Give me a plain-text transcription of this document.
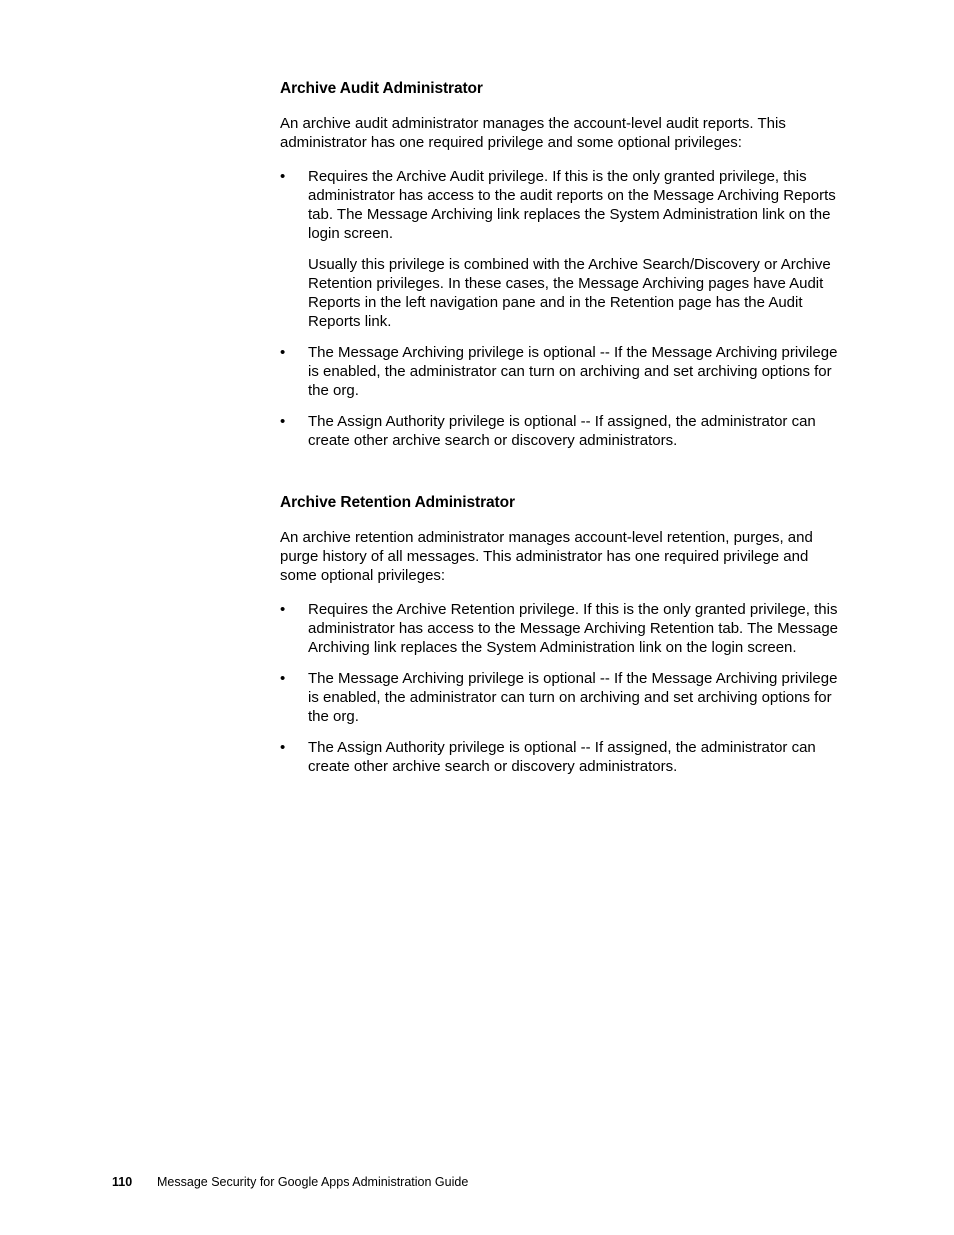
Archive Audit Administrator

An archive audit administrator manages the account-level audit reports. This administrator has one required privilege and some optional privileges:

• Requires the Archive Audit privilege. If this is the only granted privilege, this administrator has access to the audit reports on the Message Archiving Reports tab. The Message Archiving link replaces the System Administration link on the login screen.
Usually this privilege is combined with the Archive Search/Discovery or Archive Retention privileges. In these cases, the Message Archiving pages have Audit Reports in the left navigation pane and in the Retention page has the Audit Reports link.
• The Message Archiving privilege is optional -- If the Message Archiving privilege is enabled, the administrator can turn on archiving and set archiving options for the org.
• The Assign Authority privilege is optional -- If assigned, the administrator can create other archive search or discovery administrators.
Archive Retention Administrator

An archive retention administrator manages account-level retention, purges, and purge history of all messages. This administrator has one required privilege and some optional privileges:

• Requires the Archive Retention privilege. If this is the only granted privilege, this administrator has access to the Message Archiving Retention tab. The Message Archiving link replaces the System Administration link on the login screen.
• The Message Archiving privilege is optional -- If the Message Archiving privilege is enabled, the administrator can turn on archiving and set archiving options for the org.
• The Assign Authority privilege is optional -- If assigned, the administrator can create other archive search or discovery administrators.
110 Message Security for Google Apps Administration Guide
